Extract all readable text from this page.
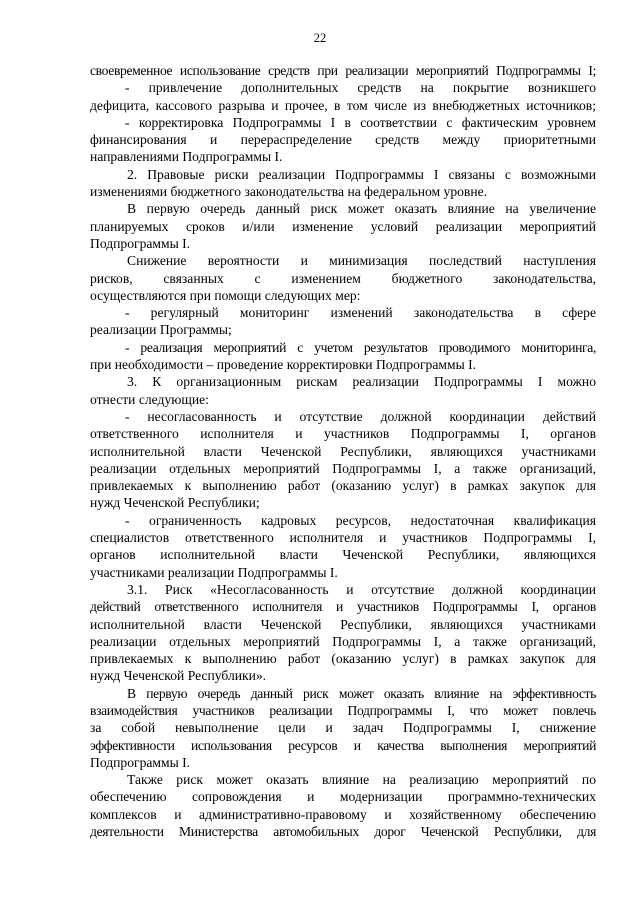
22
своевременное использование средств при реализации мероприятий Подпрограммы I;
- привлечение дополнительных средств на покрытие возникшего
дефицита, кассового разрыва и прочее, в том числе из внебюджетных источников;
- корректировка Подпрограммы I в соответствии с фактическим уровнем
финансирования и перераспределение средств между приоритетными
направлениями Подпрограммы I.
2. Правовые риски реализации Подпрограммы I связаны с возможными
изменениями бюджетного законодательства на федеральном уровне.
В первую очередь данный риск может оказать влияние на увеличение
планируемых сроков и/или изменение условий реализации мероприятий
Подпрограммы I.
Снижение вероятности и минимизация последствий наступления
рисков, связанных с изменением бюджетного законодательства,
осуществляются при помощи следующих мер:
- регулярный мониторинг изменений законодательства в сфере
реализации Программы;
- реализация мероприятий с учетом результатов проводимого мониторинга,
при необходимости – проведение корректировки Подпрограммы I.
3. К организационным рискам реализации Подпрограммы I можно
отнести следующие:
- несогласованность и отсутствие должной координации действий
ответственного исполнителя и участников Подпрограммы I, органов
исполнительной власти Чеченской Республики, являющихся участниками
реализации отдельных мероприятий Подпрограммы I, а также организаций,
привлекаемых к выполнению работ (оказанию услуг) в рамках закупок для
нужд Чеченской Республики;
- ограниченность кадровых ресурсов, недостаточная квалификация
специалистов ответственного исполнителя и участников Подпрограммы I,
органов исполнительной власти Чеченской Республики, являющихся
участниками реализации Подпрограммы I.
3.1. Риск «Несогласованность и отсутствие должной координации
действий ответственного исполнителя и участников Подпрограммы I, органов
исполнительной власти Чеченской Республики, являющихся участниками
реализации отдельных мероприятий Подпрограммы I, а также организаций,
привлекаемых к выполнению работ (оказанию услуг) в рамках закупок для
нужд Чеченской Республики».
В первую очередь данный риск может оказать влияние на эффективность
взаимодействия участников реализации Подпрограммы I, что может повлечь
за собой невыполнение цели и задач Подпрограммы I, снижение
эффективности использования ресурсов и качества выполнения мероприятий
Подпрограммы I.
Также риск может оказать влияние на реализацию мероприятий по
обеспечению сопровождения и модернизации программно-технических
комплексов и административно-правовому и хозяйственному обеспечению
деятельности Министерства автомобильных дорог Чеченской Республики, для
